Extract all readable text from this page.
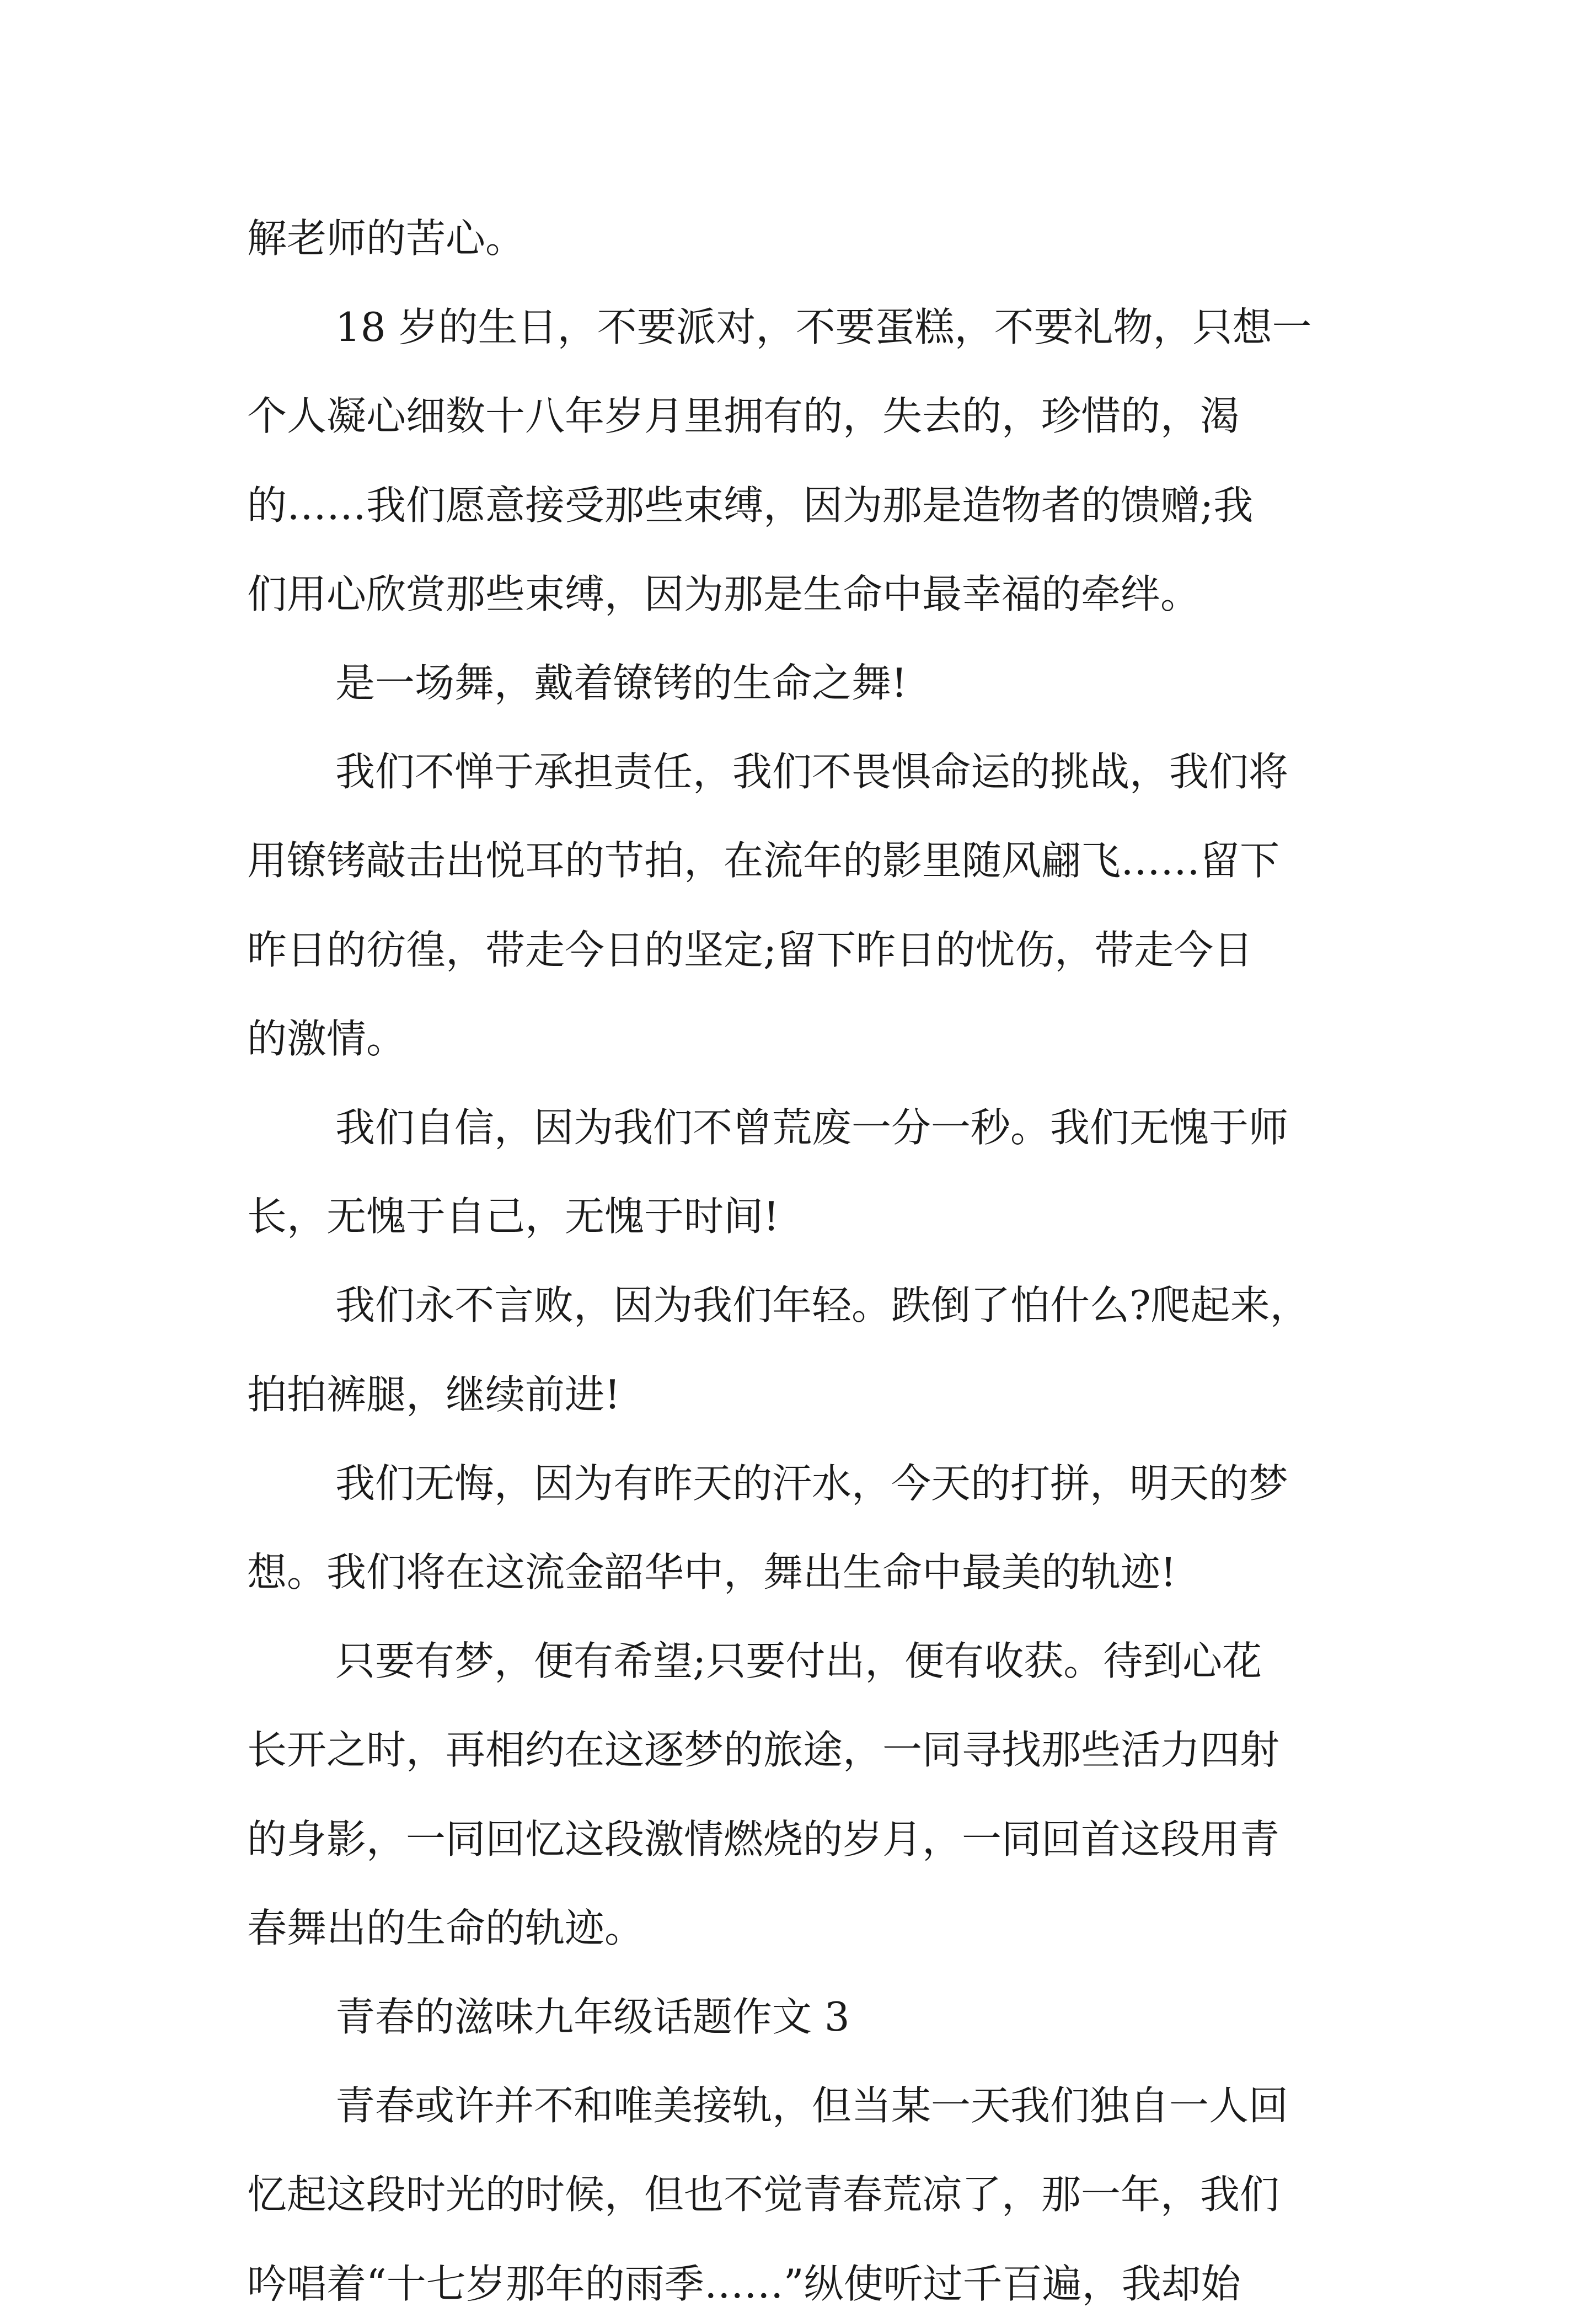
解老师的苦心。
18 岁的生日，不要派对，不要蛋糕，不要礼物，只想一
个人凝心细数十八年岁月里拥有的，失去的，珍惜的，渴
的……我们愿意接受那些束缚，因为那是造物者的馈赠;我
们用心欣赏那些束缚，因为那是生命中最幸福的牵绊。
是一场舞，戴着镣铐的生命之舞!
我们不惮于承担责任，我们不畏惧命运的挑战，我们将
用镣铐敲击出悦耳的节拍，在流年的影里随风翩飞……留下
昨日的彷徨，带走今日的坚定;留下昨日的忧伤，带走今日
的激情。
我们自信，因为我们不曾荒废一分一秒。我们无愧于师
长，无愧于自己，无愧于时间!
我们永不言败，因为我们年轻。跌倒了怕什么?爬起来，
拍拍裤腿，继续前进!
我们无悔，因为有昨天的汗水，今天的打拼，明天的梦
想。我们将在这流金韶华中，舞出生命中最美的轨迹!
只要有梦，便有希望;只要付出，便有收获。待到心花
长开之时，再相约在这逐梦的旅途，一同寻找那些活力四射
的身影，一同回忆这段激情燃烧的岁月，一同回首这段用青
春舞出的生命的轨迹。
青春的滋味九年级话题作文 3
青春或许并不和唯美接轨，但当某一天我们独自一人回
忆起这段时光的时候，但也不觉青春荒凉了，那一年，我们
吟唱着“十七岁那年的雨季……”纵使听过千百遍，我却始
